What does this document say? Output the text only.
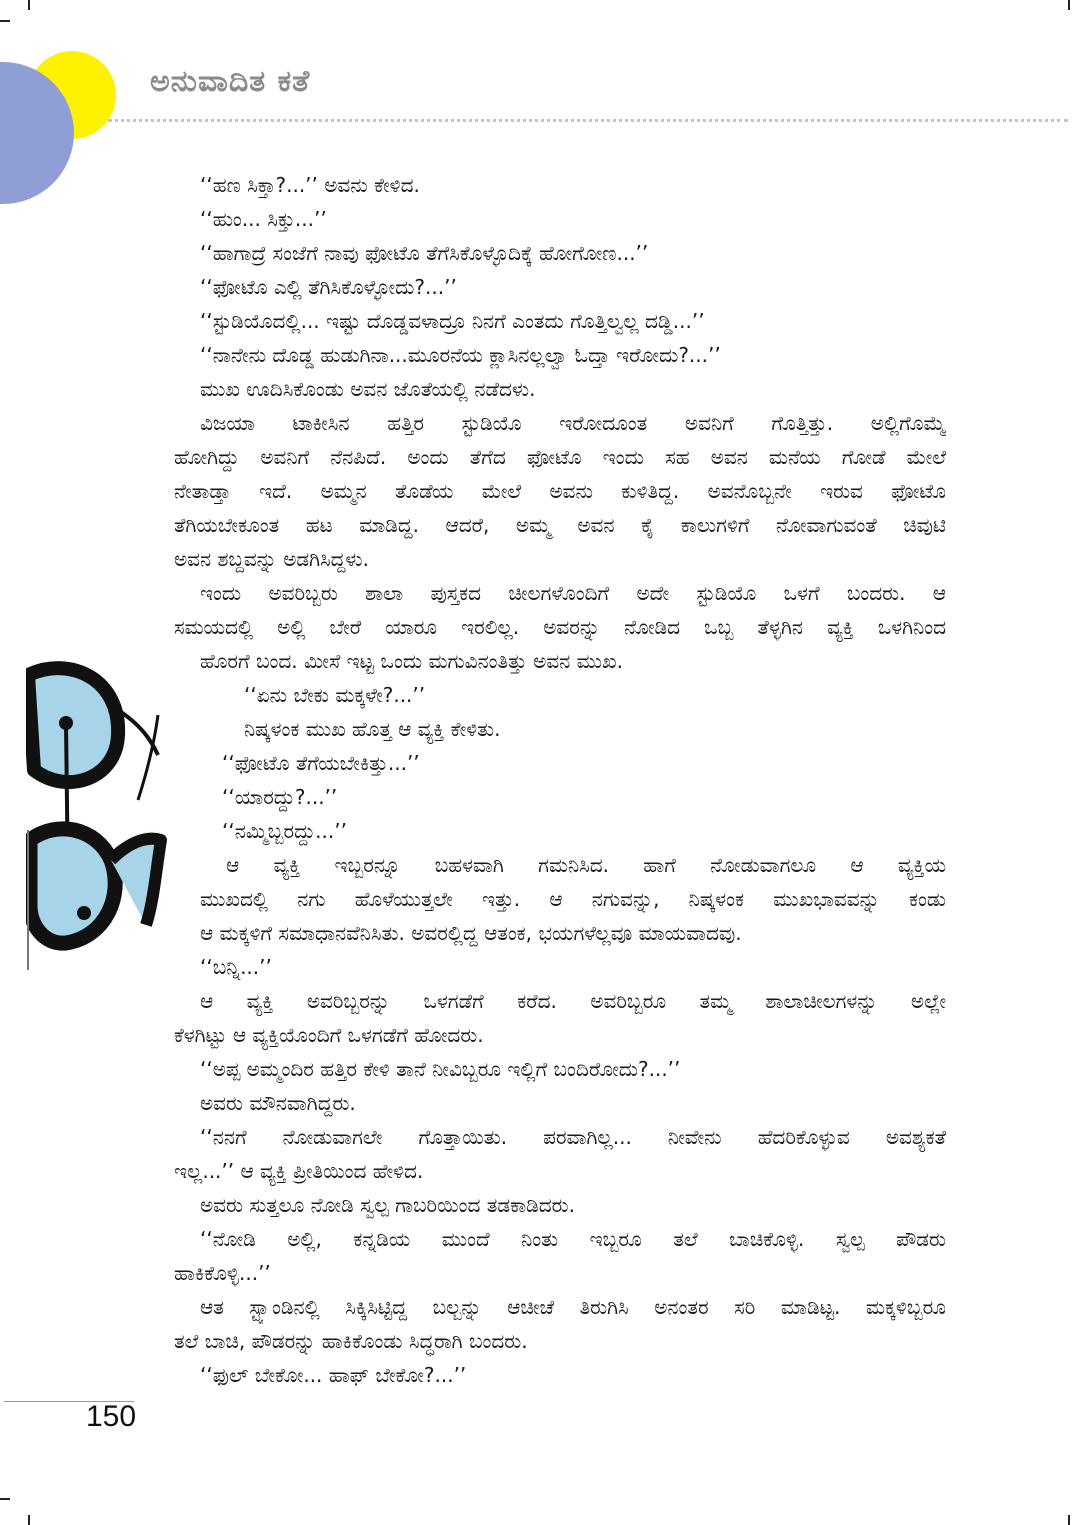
ಅನುವಾದಿತ ಕತೆ
‘‘ಹಣ ಸಿಕ್ತಾ?...’’ ಅವನು ಕೇಳಿದ.
‘‘ಹುಂ... ಸಿಕ್ತು...’’
‘‘ಹಾಗಾದ್ರೆ ಸಂಜೆಗೆ ನಾವು ಫೋಟೊ ತೆಗೆಸಿಕೊಳ್ಳೊದಿಕ್ಕೆ ಹೋಗೋಣ...’’
‘‘ಫೋಟೊ ಎಲ್ಲಿ ತೆಗಿಸಿಕೊಳ್ಳೋದು?...’’
‘‘ಸ್ಟುಡಿಯೊದಲ್ಲಿ... ಇಷ್ಟು ದೊಡ್ಡವಳಾದ್ರೂ ನಿನಗೆ ಎಂತದು ಗೊತ್ತಿಲ್ವಲ್ಲ ದಡ್ಡಿ...’’
‘‘ನಾನೇನು ದೊಡ್ಡ ಹುಡುಗಿನಾ...ಮೂರನೆಯ ಕ್ಲಾಸಿನಲ್ಲಲ್ವಾ ಓದ್ತಾ ಇರೋದು?...’’
ಮುಖ ಊದಿಸಿಕೊಂಡು ಅವನ ಜೊತೆಯಲ್ಲಿ ನಡೆದಳು.
ವಿಜಯಾ ಟಾಕೀಸಿನ ಹತ್ತಿರ ಸ್ಟುಡಿಯೊ ಇರೋದೂಂತ ಅವನಿಗೆ ಗೊತ್ತಿತ್ತು. ಅಲ್ಲಿಗೊಮ್ಮೆ
ಹೋಗಿದ್ದು ಅವನಿಗೆ ನೆನಪಿದೆ. ಅಂದು ತೆಗೆದ ಫೋಟೊ ಇಂದು ಸಹ ಅವನ ಮನೆಯ ಗೋಡೆ ಮೇಲೆ
ನೇತಾಡ್ತಾ ಇದೆ. ಅಮ್ಮನ ತೊಡೆಯ ಮೇಲೆ ಅವನು ಕುಳಿತಿದ್ದ. ಅವನೊಬ್ಬನೇ ಇರುವ ಫೋಟೊ
ತೆಗಿಯಬೇಕೂಂತ ಹಟ ಮಾಡಿದ್ದ. ಆದರೆ, ಅಮ್ಮ ಅವನ ಕೈ ಕಾಲುಗಳಿಗೆ ನೋವಾಗುವಂತೆ ಚಿವುಟಿ
ಅವನ ಶಬ್ದವನ್ನು ಅಡಗಿಸಿದ್ದಳು.
ಇಂದು ಅವರಿಬ್ಬರು ಶಾಲಾ ಪುಸ್ತಕದ ಚೀಲಗಳೊಂದಿಗೆ ಅದೇ ಸ್ಟುಡಿಯೊ ಒಳಗೆ ಬಂದರು. ಆ
ಸಮಯದಲ್ಲಿ ಅಲ್ಲಿ ಬೇರೆ ಯಾರೂ ಇರಲಿಲ್ಲ. ಅವರನ್ನು ನೋಡಿದ ಒಬ್ಬ ತೆಳ್ಳಗಿನ ವ್ಯಕ್ತಿ ಒಳಗಿನಿಂದ
ಹೊರಗೆ ಬಂದ. ಮೀಸೆ ಇಟ್ಟ ಒಂದು ಮಗುವಿನಂತಿತ್ತು ಅವನ ಮುಖ.
‘‘ಏನು ಬೇಕು ಮಕ್ಕಳೇ?...’’
ನಿಷ್ಕಳಂಕ ಮುಖ ಹೊತ್ತ ಆ ವ್ಯಕ್ತಿ ಕೇಳಿತು.
‘‘ಫೋಟೊ ತೆಗೆಯಬೇಕಿತ್ತು...’’
‘‘ಯಾರದ್ದು?...’’
‘‘ನಮ್ಮಿಬ್ಬರದ್ದು...’’
ಆ ವ್ಯಕ್ತಿ ಇಬ್ಬರನ್ನೂ ಬಹಳವಾಗಿ ಗಮನಿಸಿದ. ಹಾಗೆ ನೋಡುವಾಗಲೂ ಆ ವ್ಯಕ್ತಿಯ
ಮುಖದಲ್ಲಿ ನಗು ಹೊಳೆಯುತ್ತಲೇ ಇತ್ತು. ಆ ನಗುವನ್ನು, ನಿಷ್ಕಳಂಕ ಮುಖಭಾವವನ್ನು ಕಂಡು
ಆ ಮಕ್ಕಳಿಗೆ ಸಮಾಧಾನವೆನಿಸಿತು. ಅವರಲ್ಲಿದ್ದ ಆತಂಕ, ಭಯಗಳೆಲ್ಲವೂ ಮಾಯವಾದವು.
‘‘ಬನ್ನಿ...’’
ಆ ವ್ಯಕ್ತಿ ಅವರಿಬ್ಬರನ್ನು ಒಳಗಡೆಗೆ ಕರೆದ. ಅವರಿಬ್ಬರೂ ತಮ್ಮ ಶಾಲಾಚೀಲಗಳನ್ನು ಅಲ್ಲೇ
ಕೆಳಗಿಟ್ಟು ಆ ವ್ಯಕ್ತಿಯೊಂದಿಗೆ ಒಳಗಡೆಗೆ ಹೋದರು.
‘‘ಅಪ್ಪ ಅಮ್ಮಂದಿರ ಹತ್ತಿರ ಕೇಳಿ ತಾನೆ ನೀವಿಬ್ಬರೂ ಇಲ್ಲಿಗೆ ಬಂದಿರೋದು?...’’
ಅವರು ಮೌನವಾಗಿದ್ದರು.
‘‘ನನಗೆ ನೋಡುವಾಗಲೇ ಗೊತ್ತಾಯಿತು. ಪರವಾಗಿಲ್ಲ... ನೀವೇನು ಹೆದರಿಕೊಳ್ಳುವ ಅವಶ್ಯಕತೆ
ಇಲ್ಲ...’’ ಆ ವ್ಯಕ್ತಿ ಪ್ರೀತಿಯಿಂದ ಹೇಳಿದ.
ಅವರು ಸುತ್ತಲೂ ನೋಡಿ ಸ್ವಲ್ಪ ಗಾಬರಿಯಿಂದ ತಡಕಾಡಿದರು.
‘‘ನೋಡಿ ಅಲ್ಲಿ, ಕನ್ನಡಿಯ ಮುಂದೆ ನಿಂತು ಇಬ್ಬರೂ ತಲೆ ಬಾಚಿಕೊಳ್ಳಿ. ಸ್ವಲ್ಪ ಪೌಡರು
ಹಾಕಿಕೊಳ್ಳಿ...’’
ಆತ ಸ್ಟ್ಯಾಂಡಿನಲ್ಲಿ ಸಿಕ್ಕಿಸಿಟ್ಟಿದ್ದ ಬಲ್ಬನ್ನು ಆಚೀಚೆ ತಿರುಗಿಸಿ ಅನಂತರ ಸರಿ ಮಾಡಿಟ್ಟ. ಮಕ್ಕಳಿಬ್ಬರೂ
ತಲೆ ಬಾಚಿ, ಪೌಡರನ್ನು ಹಾಕಿಕೊಂಡು ಸಿದ್ಧರಾಗಿ ಬಂದರು.
‘‘ಫುಲ್ ಬೇಕೋ... ಹಾಫ್ ಬೇಕೋ?...’’
150
